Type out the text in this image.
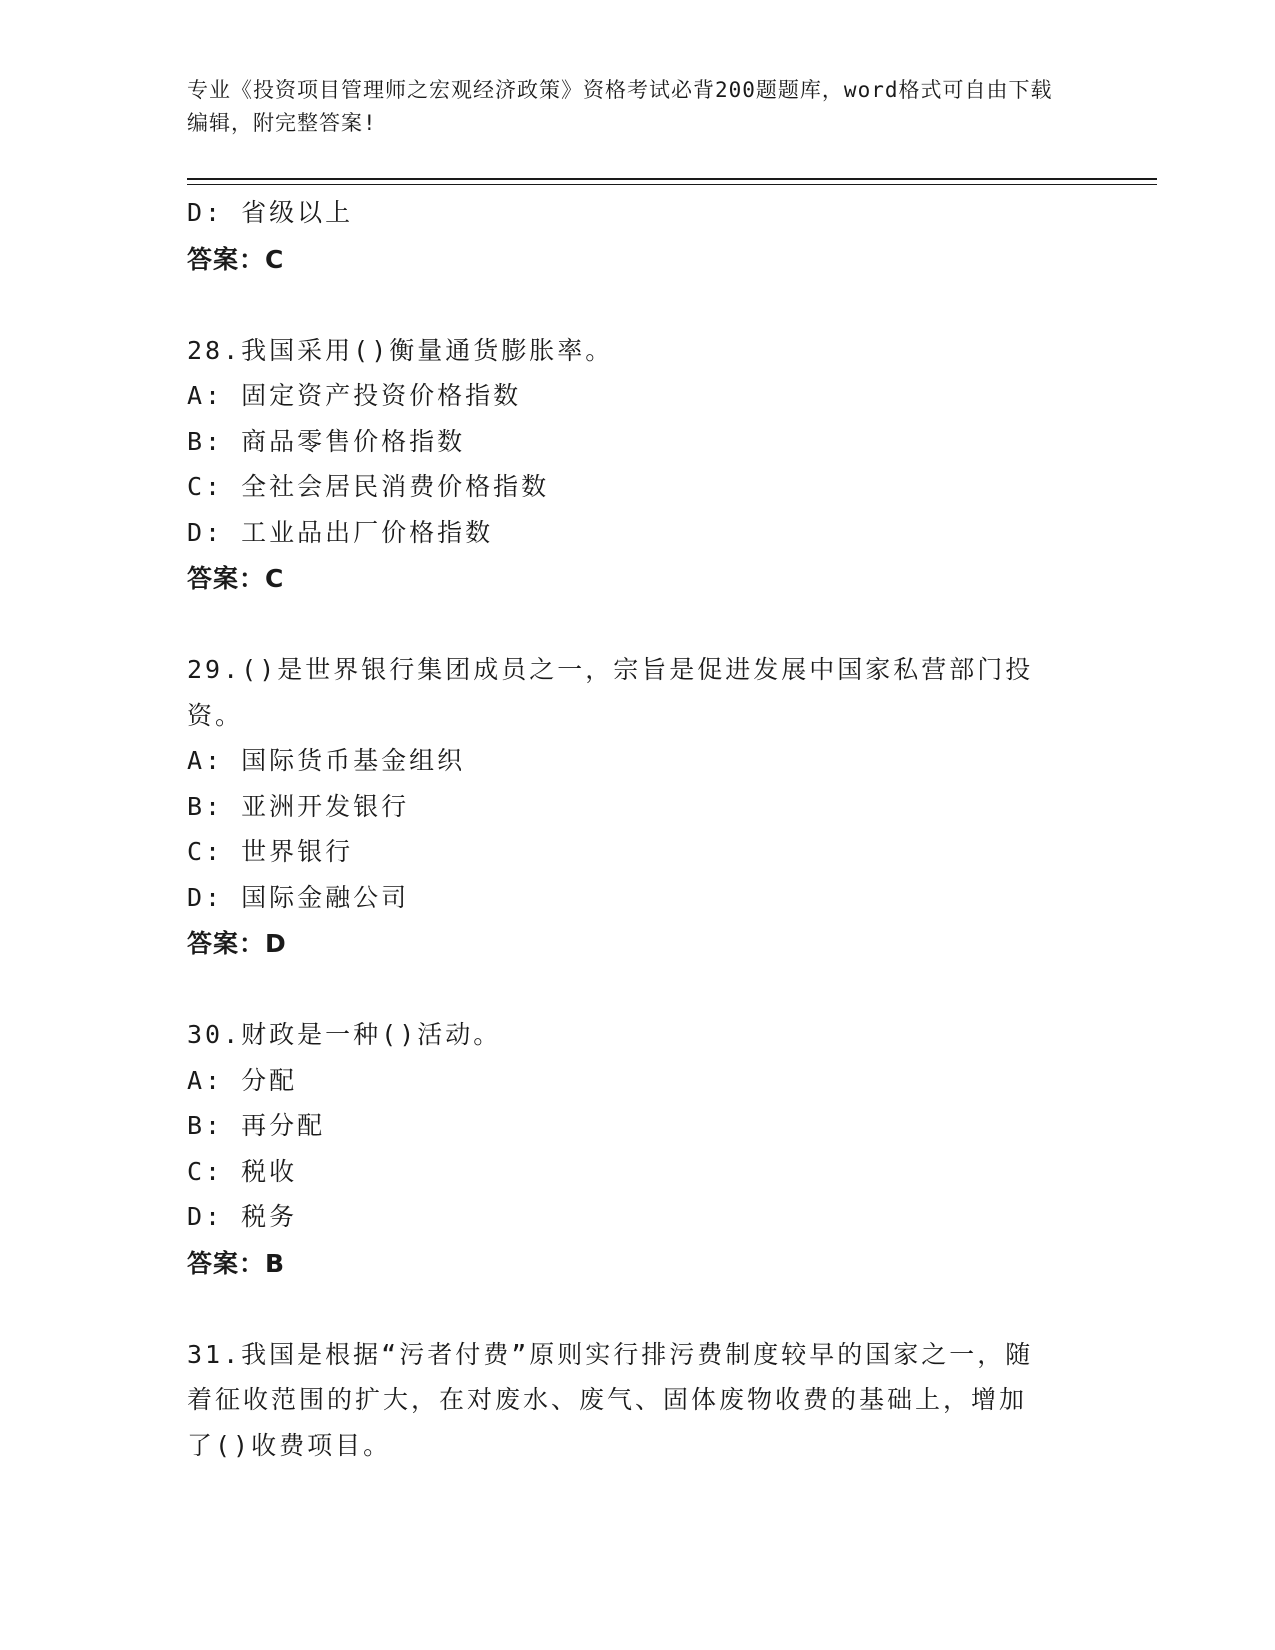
专业《投资项目管理师之宏观经济政策》资格考试必背200题题库，word格式可自由下载编辑，附完整答案!
D: 省级以上
答案：C
28.我国采用()衡量通货膨胀率。
A: 固定资产投资价格指数
B: 商品零售价格指数
C: 全社会居民消费价格指数
D: 工业品出厂价格指数
答案：C
29.()是世界银行集团成员之一，宗旨是促进发展中国家私营部门投资。
A: 国际货币基金组织
B: 亚洲开发银行
C: 世界银行
D: 国际金融公司
答案：D
30.财政是一种()活动。
A: 分配
B: 再分配
C: 税收
D: 税务
答案：B
31.我国是根据“污者付费”原则实行排污费制度较早的国家之一，随着征收范围的扩大，在对废水、废气、固体废物收费的基础上，增加了()收费项目。
